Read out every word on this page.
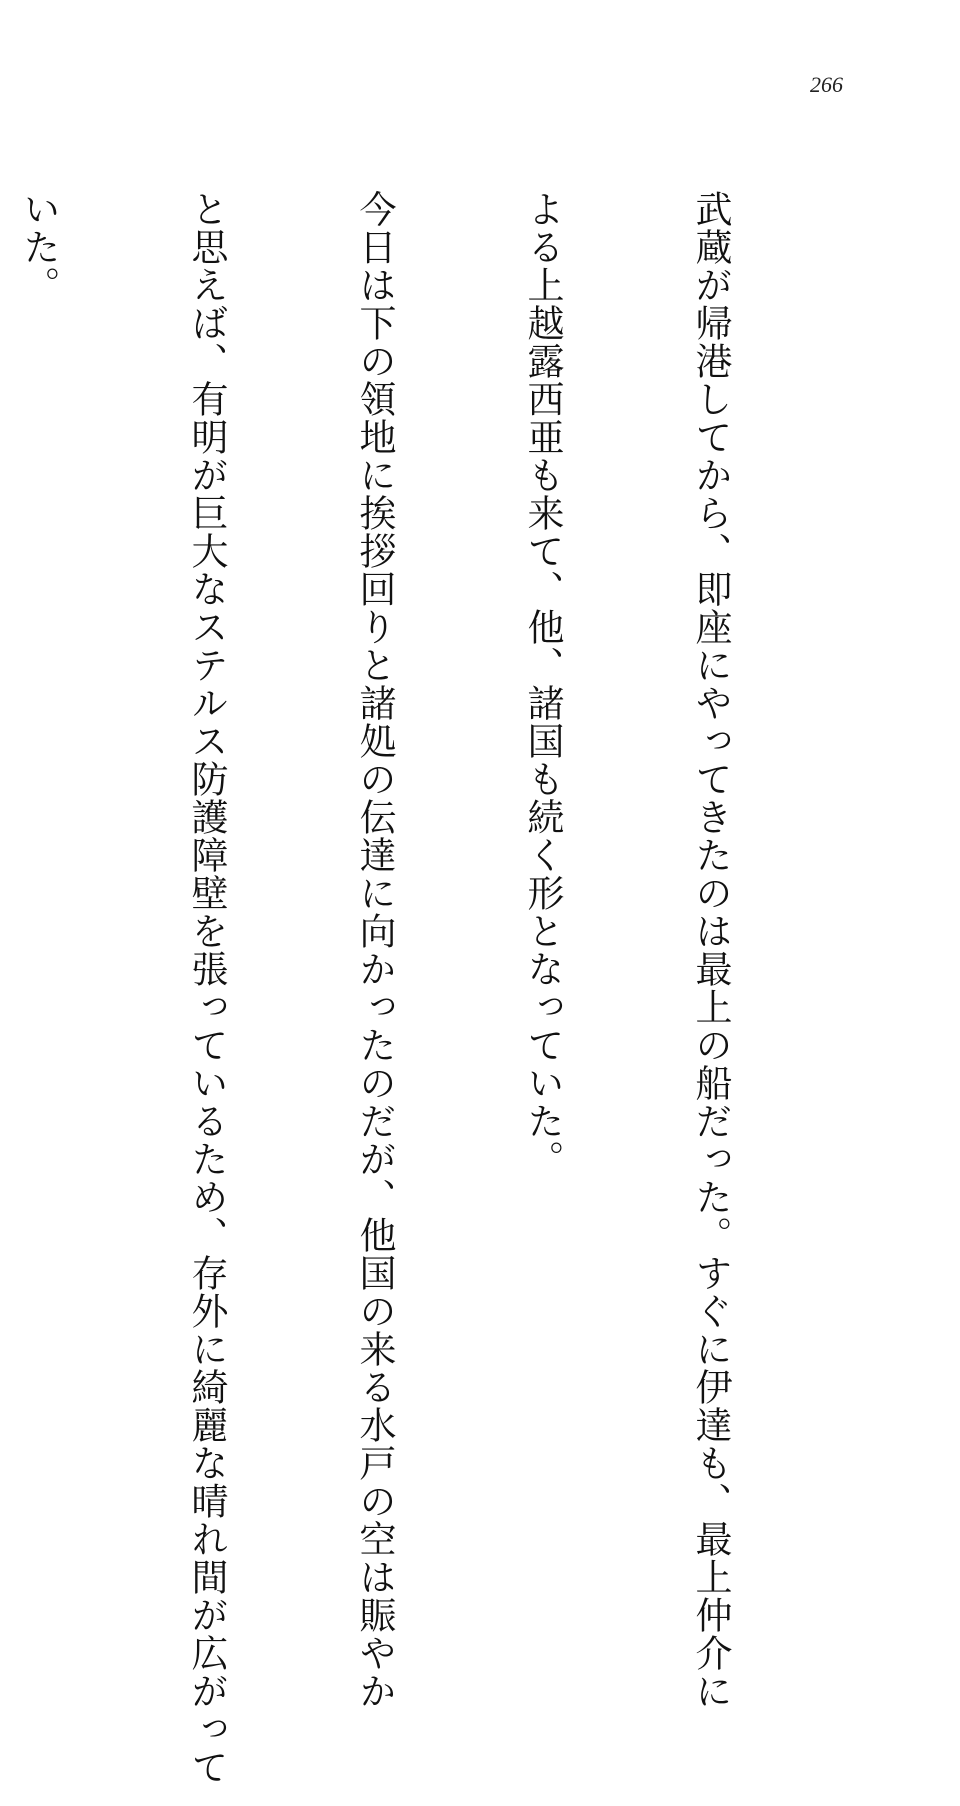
266

武蔵が帰港してから、即座にやってきたのは最上の船だった。すぐに伊達も、最上仲介に

よる上越露西亜も来て、他、諸国も続く形となっていた。

今日は下の領地に挨拶回りと諸処の伝達に向かったのだが、他国の来る水戸の空は賑やか

と思えば、有明が巨大なステルス防護障壁を張っているため、存外に綺麗な晴れ間が広がって

いた。
